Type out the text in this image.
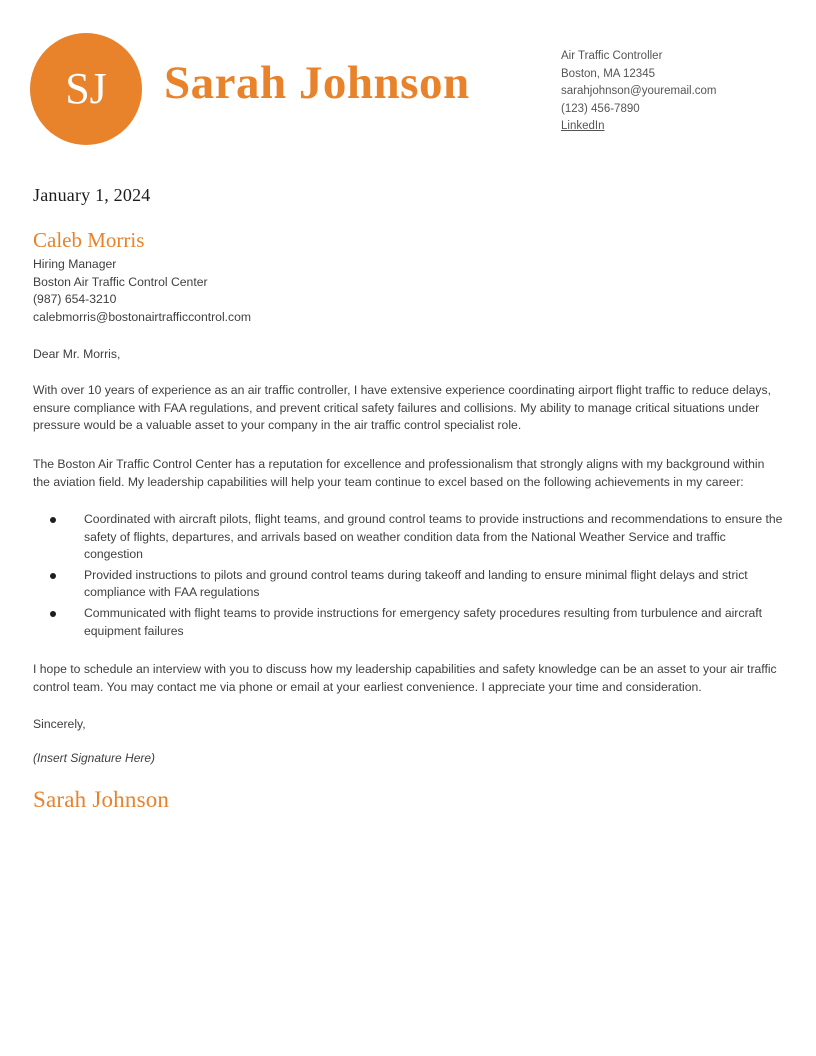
SJ Sarah Johnson
Air Traffic Controller
Boston, MA 12345
sarahjohnson@youremail.com
(123) 456-7890
LinkedIn
January 1, 2024
Caleb Morris
Hiring Manager
Boston Air Traffic Control Center
(987) 654-3210
calebmorris@bostonairtrafficcontrol.com
Dear Mr. Morris,

With over 10 years of experience as an air traffic controller, I have extensive experience coordinating airport flight traffic to reduce delays, ensure compliance with FAA regulations, and prevent critical safety failures and collisions. My ability to manage critical situations under pressure would be a valuable asset to your company in the air traffic control specialist role.

The Boston Air Traffic Control Center has a reputation for excellence and professionalism that strongly aligns with my background within the aviation field. My leadership capabilities will help your team continue to excel based on the following achievements in my career:

Coordinated with aircraft pilots, flight teams, and ground control teams to provide instructions and recommendations to ensure the safety of flights, departures, and arrivals based on weather condition data from the National Weather Service and traffic congestion
Provided instructions to pilots and ground control teams during takeoff and landing to ensure minimal flight delays and strict compliance with FAA regulations
Communicated with flight teams to provide instructions for emergency safety procedures resulting from turbulence and aircraft equipment failures

I hope to schedule an interview with you to discuss how my leadership capabilities and safety knowledge can be an asset to your air traffic control team. You may contact me via phone or email at your earliest convenience. I appreciate your time and consideration.

Sincerely,
(Insert Signature Here)
Sarah Johnson
